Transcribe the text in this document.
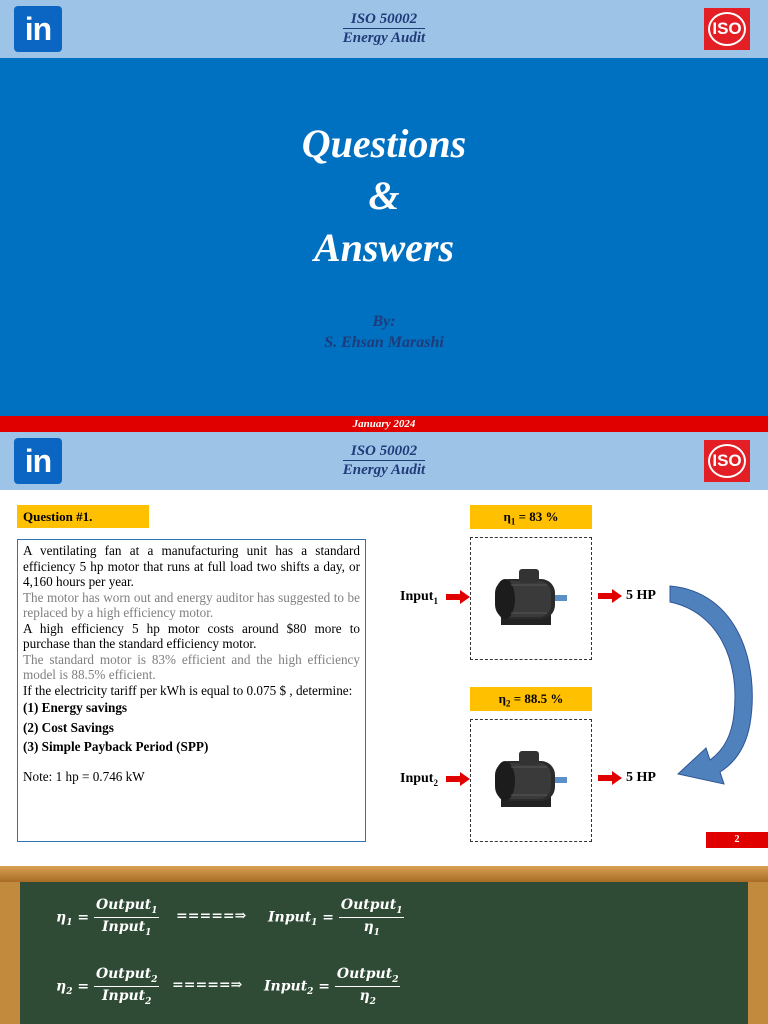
in	ISO 50002
Energy Audit	ISO
Questions
&
Answers
By:
S. Ehsan Marashi
January 2024
in	ISO 50002
Energy Audit	ISO
Question #1.

A ventilating fan at a manufacturing unit has a standard efficiency 5 hp motor that runs at full load two shifts a day, or 4,160 hours per year.

The motor has worn out and energy auditor has suggested to be replaced by a high efficiency motor.

A high efficiency 5 hp motor costs around $80 more to purchase than the standard efficiency motor.

The standard motor is 83% efficient and the high efficiency model is 88.5% efficient.

If the electricity tariff per kWh is equal to 0.075 $ , determine:

(1) Energy savings

(2) Cost Savings

(3) Simple Payback Period (SPP)

Note: 1 hp = 0.746 kW

$\eta_1 = 83$ %
Input$_1$	5 HP
$\eta_2 = 88.5$ %
Input$_2$	5 HP
2
$\eta_1 = \frac{Output_1}{Input_1}$ =====⇒ Input$_1$ = $\frac{Output_1}{\eta_1}$
$\eta_2 = \frac{Output_2}{Input_2}$ =====⇒ Input$_2$ = $\frac{Output_2}{\eta_2}$
